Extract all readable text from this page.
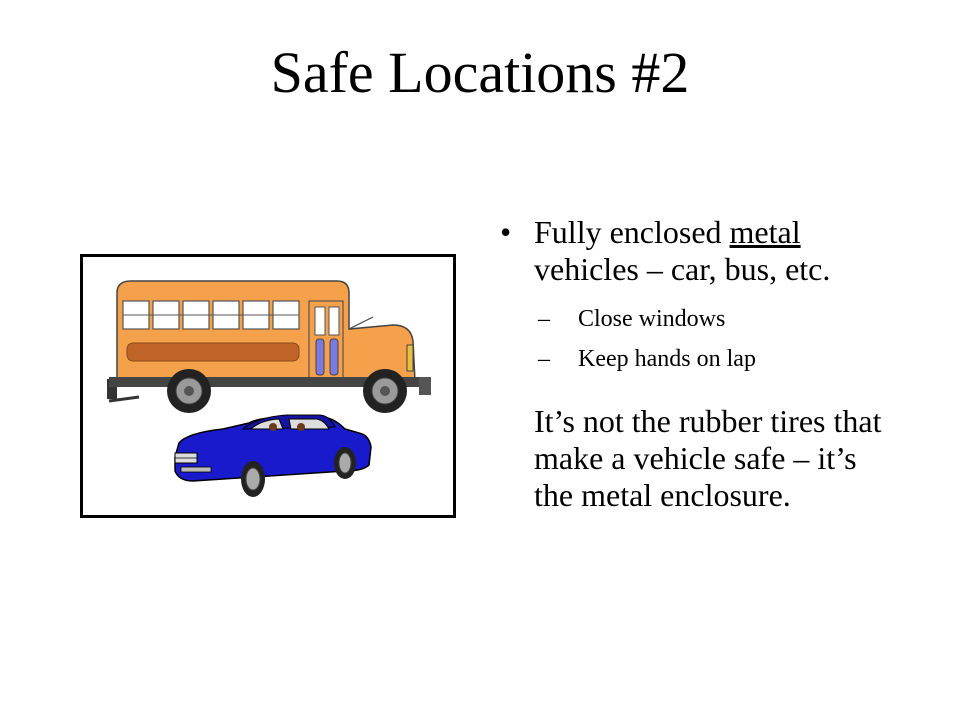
Safe Locations #2
• Fully enclosed metal vehicles – car, bus, etc.
– Close windows
– Keep hands on lap
It’s not the rubber tires that make a vehicle safe – it’s the metal enclosure.
